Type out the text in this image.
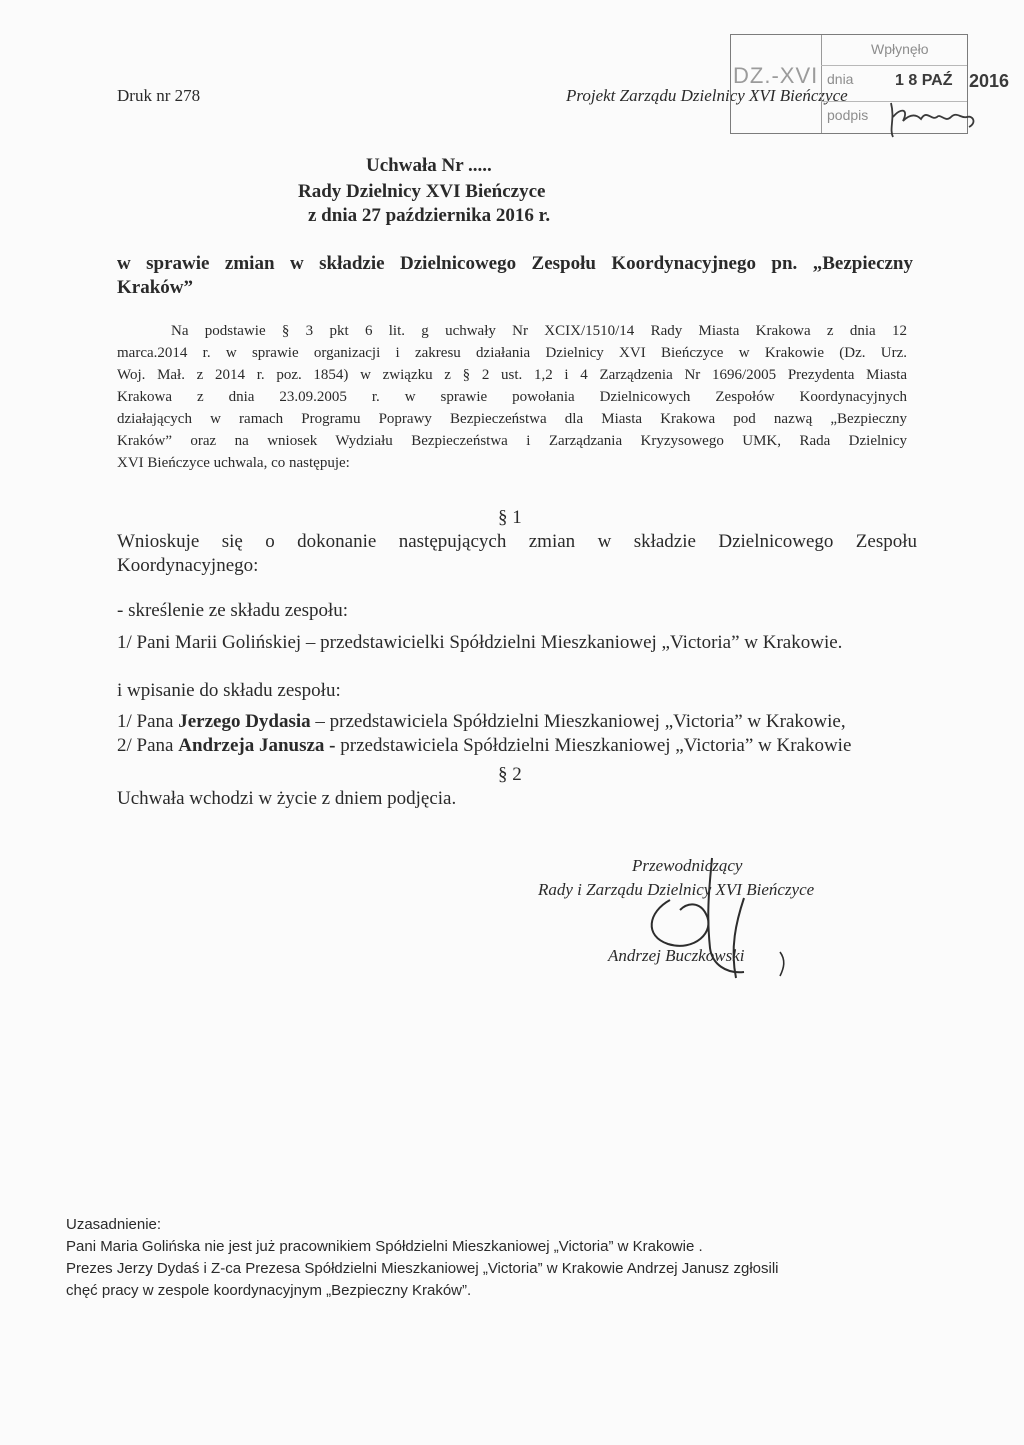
Druk nr 278	Projekt Zarządu Dzielnicy XVI Bieńczyce
Wpłynęło
dnia
podpis
DZ.-XVI	1 8 PAŹ 2016
Uchwała Nr .....
Rady Dzielnicy XVI Bieńczyce
z dnia 27 października 2016 r.
w sprawie zmian w składzie Dzielnicowego Zespołu Koordynacyjnego pn. „Bezpieczny
Kraków”
Na podstawie § 3 pkt 6 lit. g uchwały Nr XCIX/1510/14 Rady Miasta Krakowa z dnia 12
marca.2014 r. w sprawie organizacji i zakresu działania Dzielnicy XVI Bieńczyce w Krakowie (Dz. Urz.
Woj. Mał. z 2014 r. poz. 1854) w związku z § 2 ust. 1,2 i 4 Zarządzenia Nr 1696/2005 Prezydenta Miasta
Krakowa z dnia 23.09.2005 r. w sprawie powołania Dzielnicowych Zespołów Koordynacyjnych
działających w ramach Programu Poprawy Bezpieczeństwa dla Miasta Krakowa pod nazwą „Bezpieczny
Kraków” oraz na wniosek Wydziału Bezpieczeństwa i Zarządzania Kryzysowego UMK, Rada Dzielnicy
XVI Bieńczyce uchwala, co następuje:
§ 1
Wnioskuje się o dokonanie następujących zmian w składzie Dzielnicowego Zespołu
Koordynacyjnego:
- skreślenie ze składu zespołu:
1/ Pani Marii Golińskiej – przedstawicielki Spółdzielni Mieszkaniowej „Victoria” w Krakowie.
i wpisanie do składu zespołu:
1/ Pana Jerzego Dydasia – przedstawiciela Spółdzielni Mieszkaniowej „Victoria” w Krakowie,
2/ Pana Andrzeja Janusza - przedstawiciela Spółdzielni Mieszkaniowej „Victoria” w Krakowie
§ 2
Uchwała wchodzi w życie z dniem podjęcia.
Przewodniczący
Rady i Zarządu Dzielnicy XVI Bieńczyce
Andrzej Buczkowski
Uzasadnienie:
Pani Maria Golińska nie jest już pracownikiem Spółdzielni Mieszkaniowej „Victoria” w Krakowie .
Prezes Jerzy Dydaś i Z-ca Prezesa Spółdzielni Mieszkaniowej „Victoria” w Krakowie Andrzej Janusz zgłosili
chęć pracy w zespole koordynacyjnym „Bezpieczny Kraków”.
